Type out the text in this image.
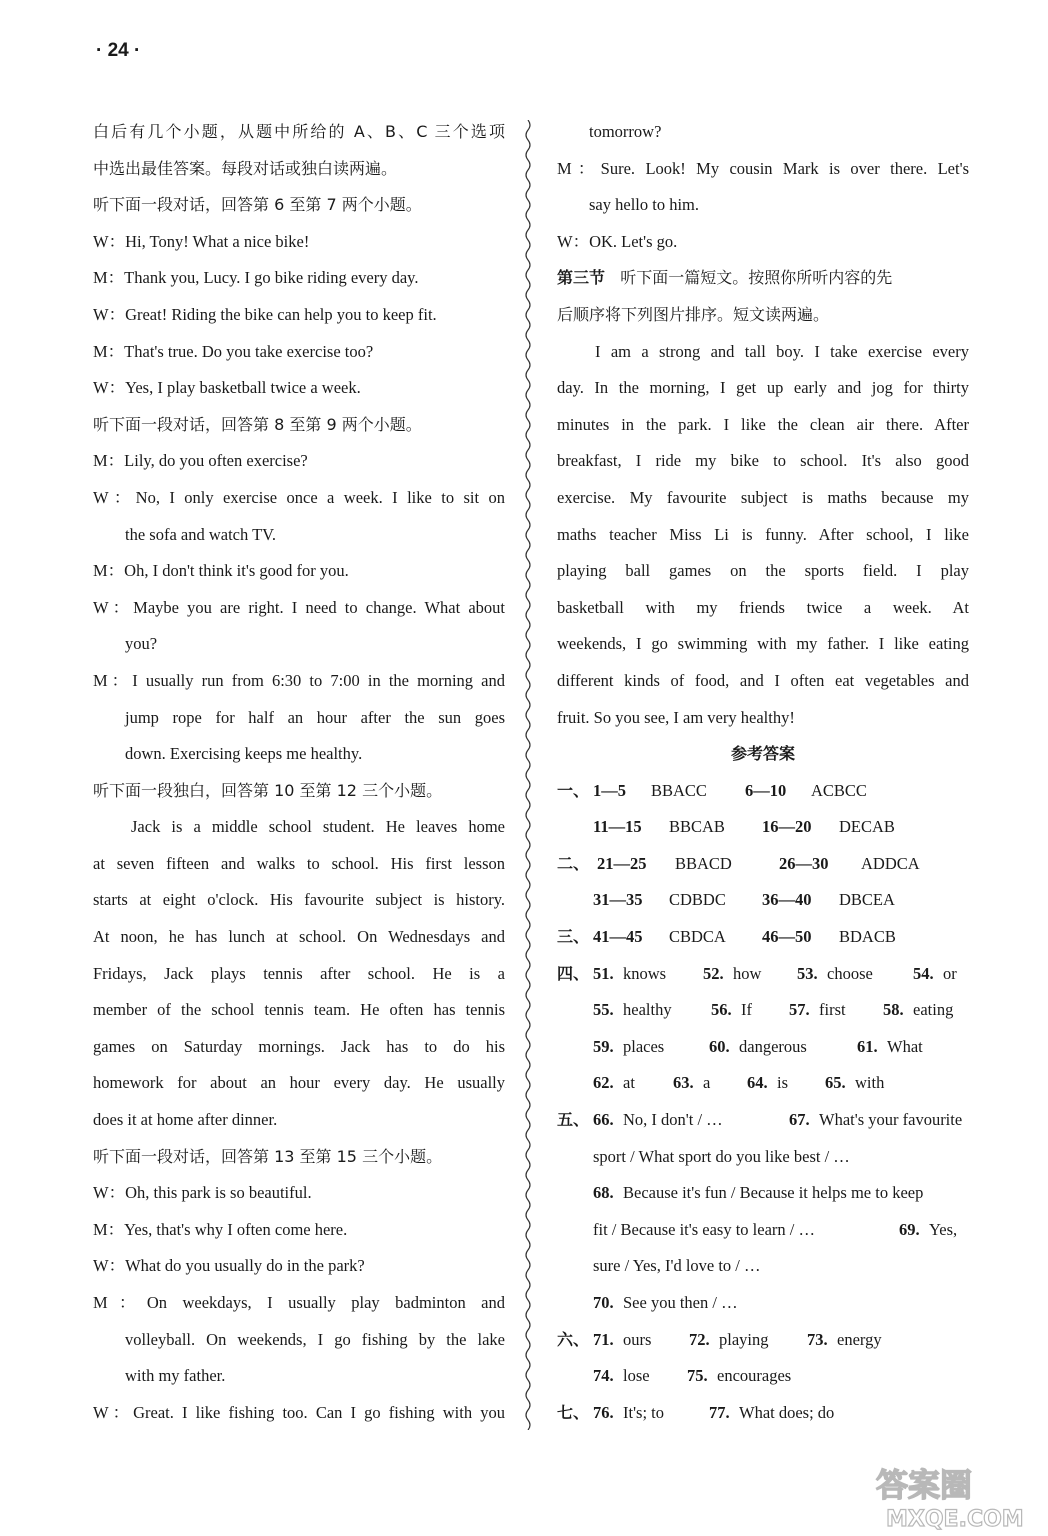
· 24 ·
白后有几个小题，从题中所给的 A、B、C 三个选项
中选出最佳答案。每段对话或独白读两遍。
听下面一段对话，回答第 6 至第 7 两个小题。
W：Hi, Tony! What a nice bike!
M：Thank you, Lucy. I go bike riding every day.
W：Great! Riding the bike can help you to keep fit.
M：That's true. Do you take exercise too?
W：Yes, I play basketball twice a week.
听下面一段对话，回答第 8 至第 9 两个小题。
M：Lily, do you often exercise?
W：No, I only exercise once a week. I like to sit on
the sofa and watch TV.
M：Oh, I don't think it's good for you.
W：Maybe you are right. I need to change. What about
you?
M：I usually run from 6:30 to 7:00 in the morning and
jump rope for half an hour after the sun goes
down. Exercising keeps me healthy.
听下面一段独白，回答第 10 至第 12 三个小题。
Jack is a middle school student. He leaves home
at seven fifteen and walks to school. His first lesson
starts at eight o'clock. His favourite subject is history.
At noon, he has lunch at school. On Wednesdays and
Fridays, Jack plays tennis after school. He is a
member of the school tennis team. He often has tennis
games on Saturday mornings. Jack has to do his
homework for about an hour every day. He usually
does it at home after dinner.
听下面一段对话，回答第 13 至第 15 三个小题。
W：Oh, this park is so beautiful.
M：Yes, that's why I often come here.
W：What do you usually do in the park?
M：On weekdays, I usually play badminton and
volleyball. On weekends, I go fishing by the lake
with my father.
W：Great. I like fishing too. Can I go fishing with you
tomorrow?
M：Sure. Look! My cousin Mark is over there. Let's
say hello to him.
W：OK. Let's go.
第三节 听下面一篇短文。按照你所听内容的先
后顺序将下列图片排序。短文读两遍。
I am a strong and tall boy. I take exercise every
day. In the morning, I get up early and jog for thirty
minutes in the park. I like the clean air there. After
breakfast, I ride my bike to school. It's also good
exercise. My favourite subject is maths because my
maths teacher Miss Li is funny. After school, I like
playing ball games on the sports field. I play
basketball with my friends twice a week. At
weekends, I go swimming with my father. I like eating
different kinds of food, and I often eat vegetables and
fruit. So you see, I am very healthy!
参考答案
一、 1—5 BBACC 6—10 ACBCC
11—15 BBCAB 16—20 DECAB
二、 21—25 BBACD	26—30 ADDCA
31—35 CDBDC 36—40 DBCEA
三、 41—45 CBDCA 46—50 BDACB
四、 51. knows 52. how 53. choose 54. or
55. healthy 56. If 57. first 58. eating
59. places	60. dangerous	61. What
62. at 63. a 64. is 65. with
五、 66. No, I don't / …	67. What's your favourite
sport / What sport do you like best / …
68. Because it's fun / Because it helps me to keep
fit / Because it's easy to learn / …	69. Yes,
sure / Yes, I'd love to / …
70. See you then / …
六、 71. ours 72. playing 73. energy
74. lose 75. encourages
七、 76. It's; to	77. What does; do
答案圈
MXQE.COM
